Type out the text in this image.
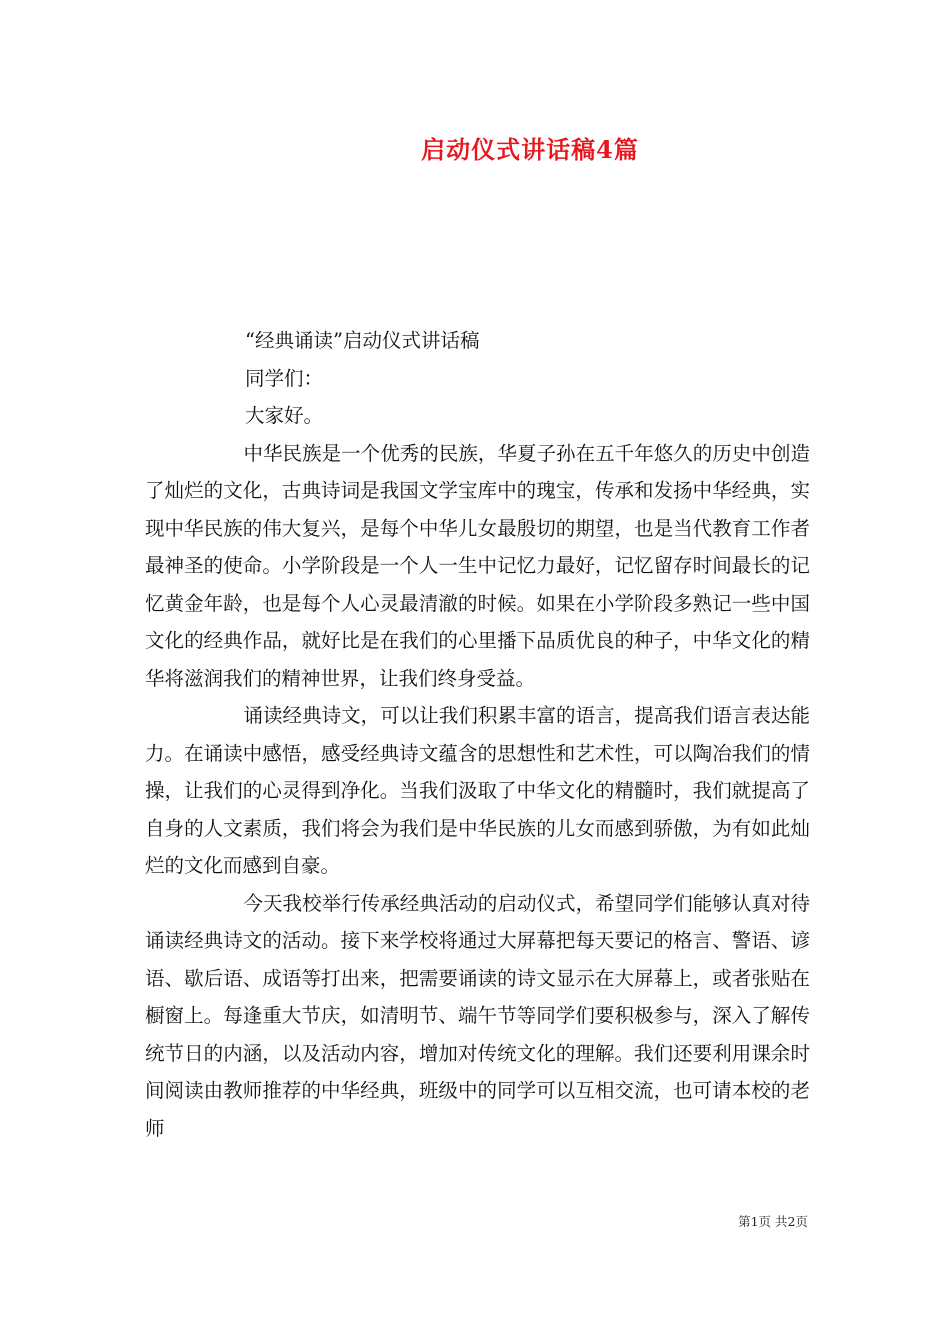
启动仪式讲话稿4篇

“经典诵读”启动仪式讲话稿

同学们：

大家好。

中华民族是一个优秀的民族，华夏子孙在五千年悠久的历史中创造了灿烂的文化，古典诗词是我国文学宝库中的瑰宝，传承和发扬中华经典，实现中华民族的伟大复兴，是每个中华儿女最殷切的期望，也是当代教育工作者最神圣的使命。小学阶段是一个人一生中记忆力最好，记忆留存时间最长的记忆黄金年龄，也是每个人心灵最清澈的时候。如果在小学阶段多熟记一些中国文化的经典作品，就好比是在我们的心里播下品质优良的种子，中华文化的精华将滋润我们的精神世界，让我们终身受益。

诵读经典诗文，可以让我们积累丰富的语言，提高我们语言表达能力。在诵读中感悟，感受经典诗文蕴含的思想性和艺术性，可以陶冶我们的情操，让我们的心灵得到净化。当我们汲取了中华文化的精髓时，我们就提高了自身的人文素质，我们将会为我们是中华民族的儿女而感到骄傲，为有如此灿烂的文化而感到自豪。

今天我校举行传承经典活动的启动仪式，希望同学们能够认真对待诵读经典诗文的活动。接下来学校将通过大屏幕把每天要记的格言、警语、谚语、歇后语、成语等打出来，把需要诵读的诗文显示在大屏幕上，或者张贴在橱窗上。每逢重大节庆，如清明节、端午节等同学们要积极参与，深入了解传统节日的内涵，以及活动内容，增加对传统文化的理解。我们还要利用课余时间阅读由教师推荐的中华经典，班级中的同学可以互相交流，也可请本校的老师

第1页 共2页
